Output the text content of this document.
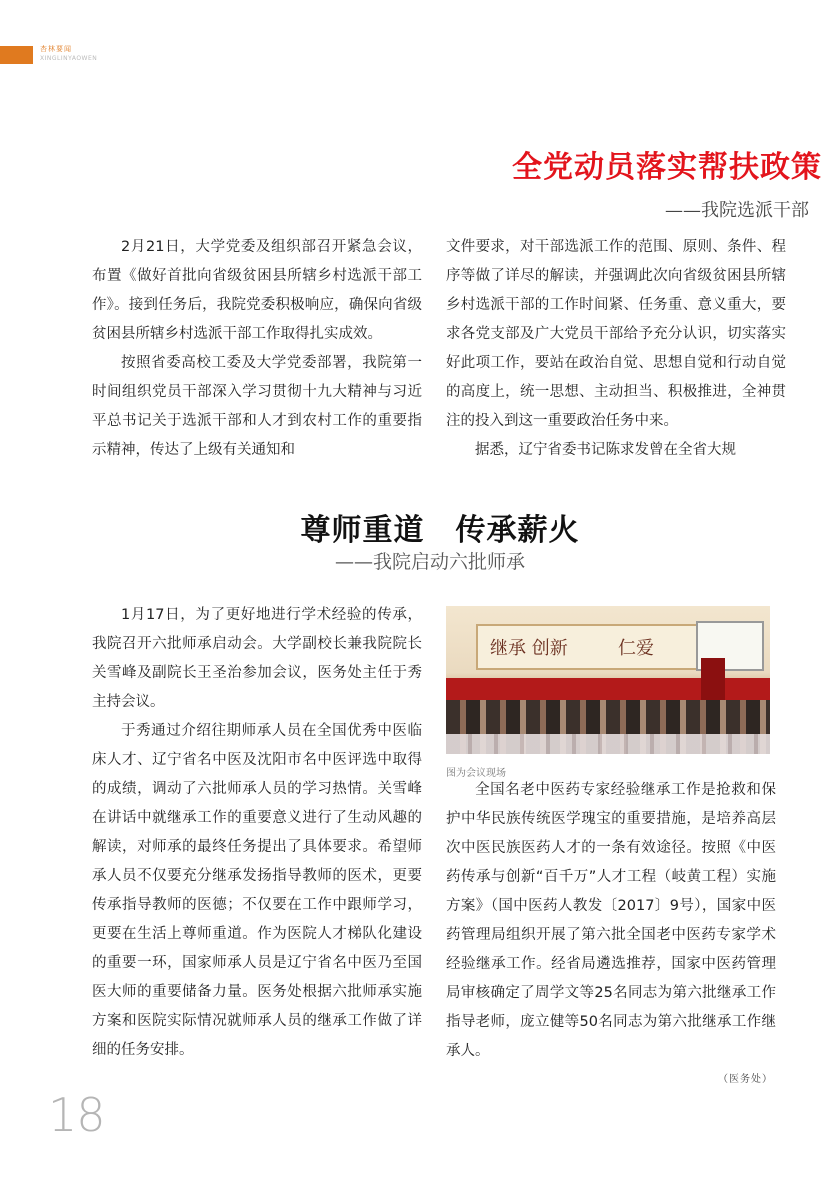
杏林要闻
XINGLINYAOWEN
全党动员落实帮扶政策
——我院选派干部

2月21日，大学党委及组织部召开紧急会议，布置《做好首批向省级贫困县所辖乡村选派干部工作》。接到任务后，我院党委积极响应，确保向省级贫困县所辖乡村选派干部工作取得扎实成效。

按照省委高校工委及大学党委部署，我院第一时间组织党员干部深入学习贯彻十九大精神与习近平总书记关于选派干部和人才到农村工作的重要指示精神，传达了上级有关通知和

文件要求，对干部选派工作的范围、原则、条件、程序等做了详尽的解读，并强调此次向省级贫困县所辖乡村选派干部的工作时间紧、任务重、意义重大，要求各党支部及广大党员干部给予充分认识，切实落实好此项工作，要站在政治自觉、思想自觉和行动自觉的高度上，统一思想、主动担当、积极推进，全神贯注的投入到这一重要政治任务中来。

据悉，辽宁省委书记陈求发曾在全省大规

尊师重道　传承薪火
——我院启动六批师承

1月17日，为了更好地进行学术经验的传承，我院召开六批师承启动会。大学副校长兼我院院长关雪峰及副院长王圣治参加会议，医务处主任于秀主持会议。

于秀通过介绍往期师承人员在全国优秀中医临床人才、辽宁省名中医及沈阳市名中医评选中取得的成绩，调动了六批师承人员的学习热情。关雪峰在讲话中就继承工作的重要意义进行了生动风趣的解读，对师承的最终任务提出了具体要求。希望师承人员不仅要充分继承发扬指导教师的医术，更要传承指导教师的医德；不仅要在工作中跟师学习，更要在生活上尊师重道。作为医院人才梯队化建设的重要一环，国家师承人员是辽宁省名中医乃至国医大师的重要储备力量。医务处根据六批师承实施方案和医院实际情况就师承人员的继承工作做了详细的任务安排。

继承 创新	仁爱
图为会议现场

全国名老中医药专家经验继承工作是抢救和保护中华民族传统医学瑰宝的重要措施，是培养高层次中医民族医药人才的一条有效途径。按照《中医药传承与创新“百千万”人才工程（岐黄工程）实施方案》（国中医药人教发〔2017〕9号），国家中医药管理局组织开展了第六批全国老中医药专家学术经验继承工作。经省局遴选推荐，国家中医药管理局审核确定了周学文等25名同志为第六批继承工作指导老师，庞立健等50名同志为第六批继承工作继承人。

（医务处）
18
